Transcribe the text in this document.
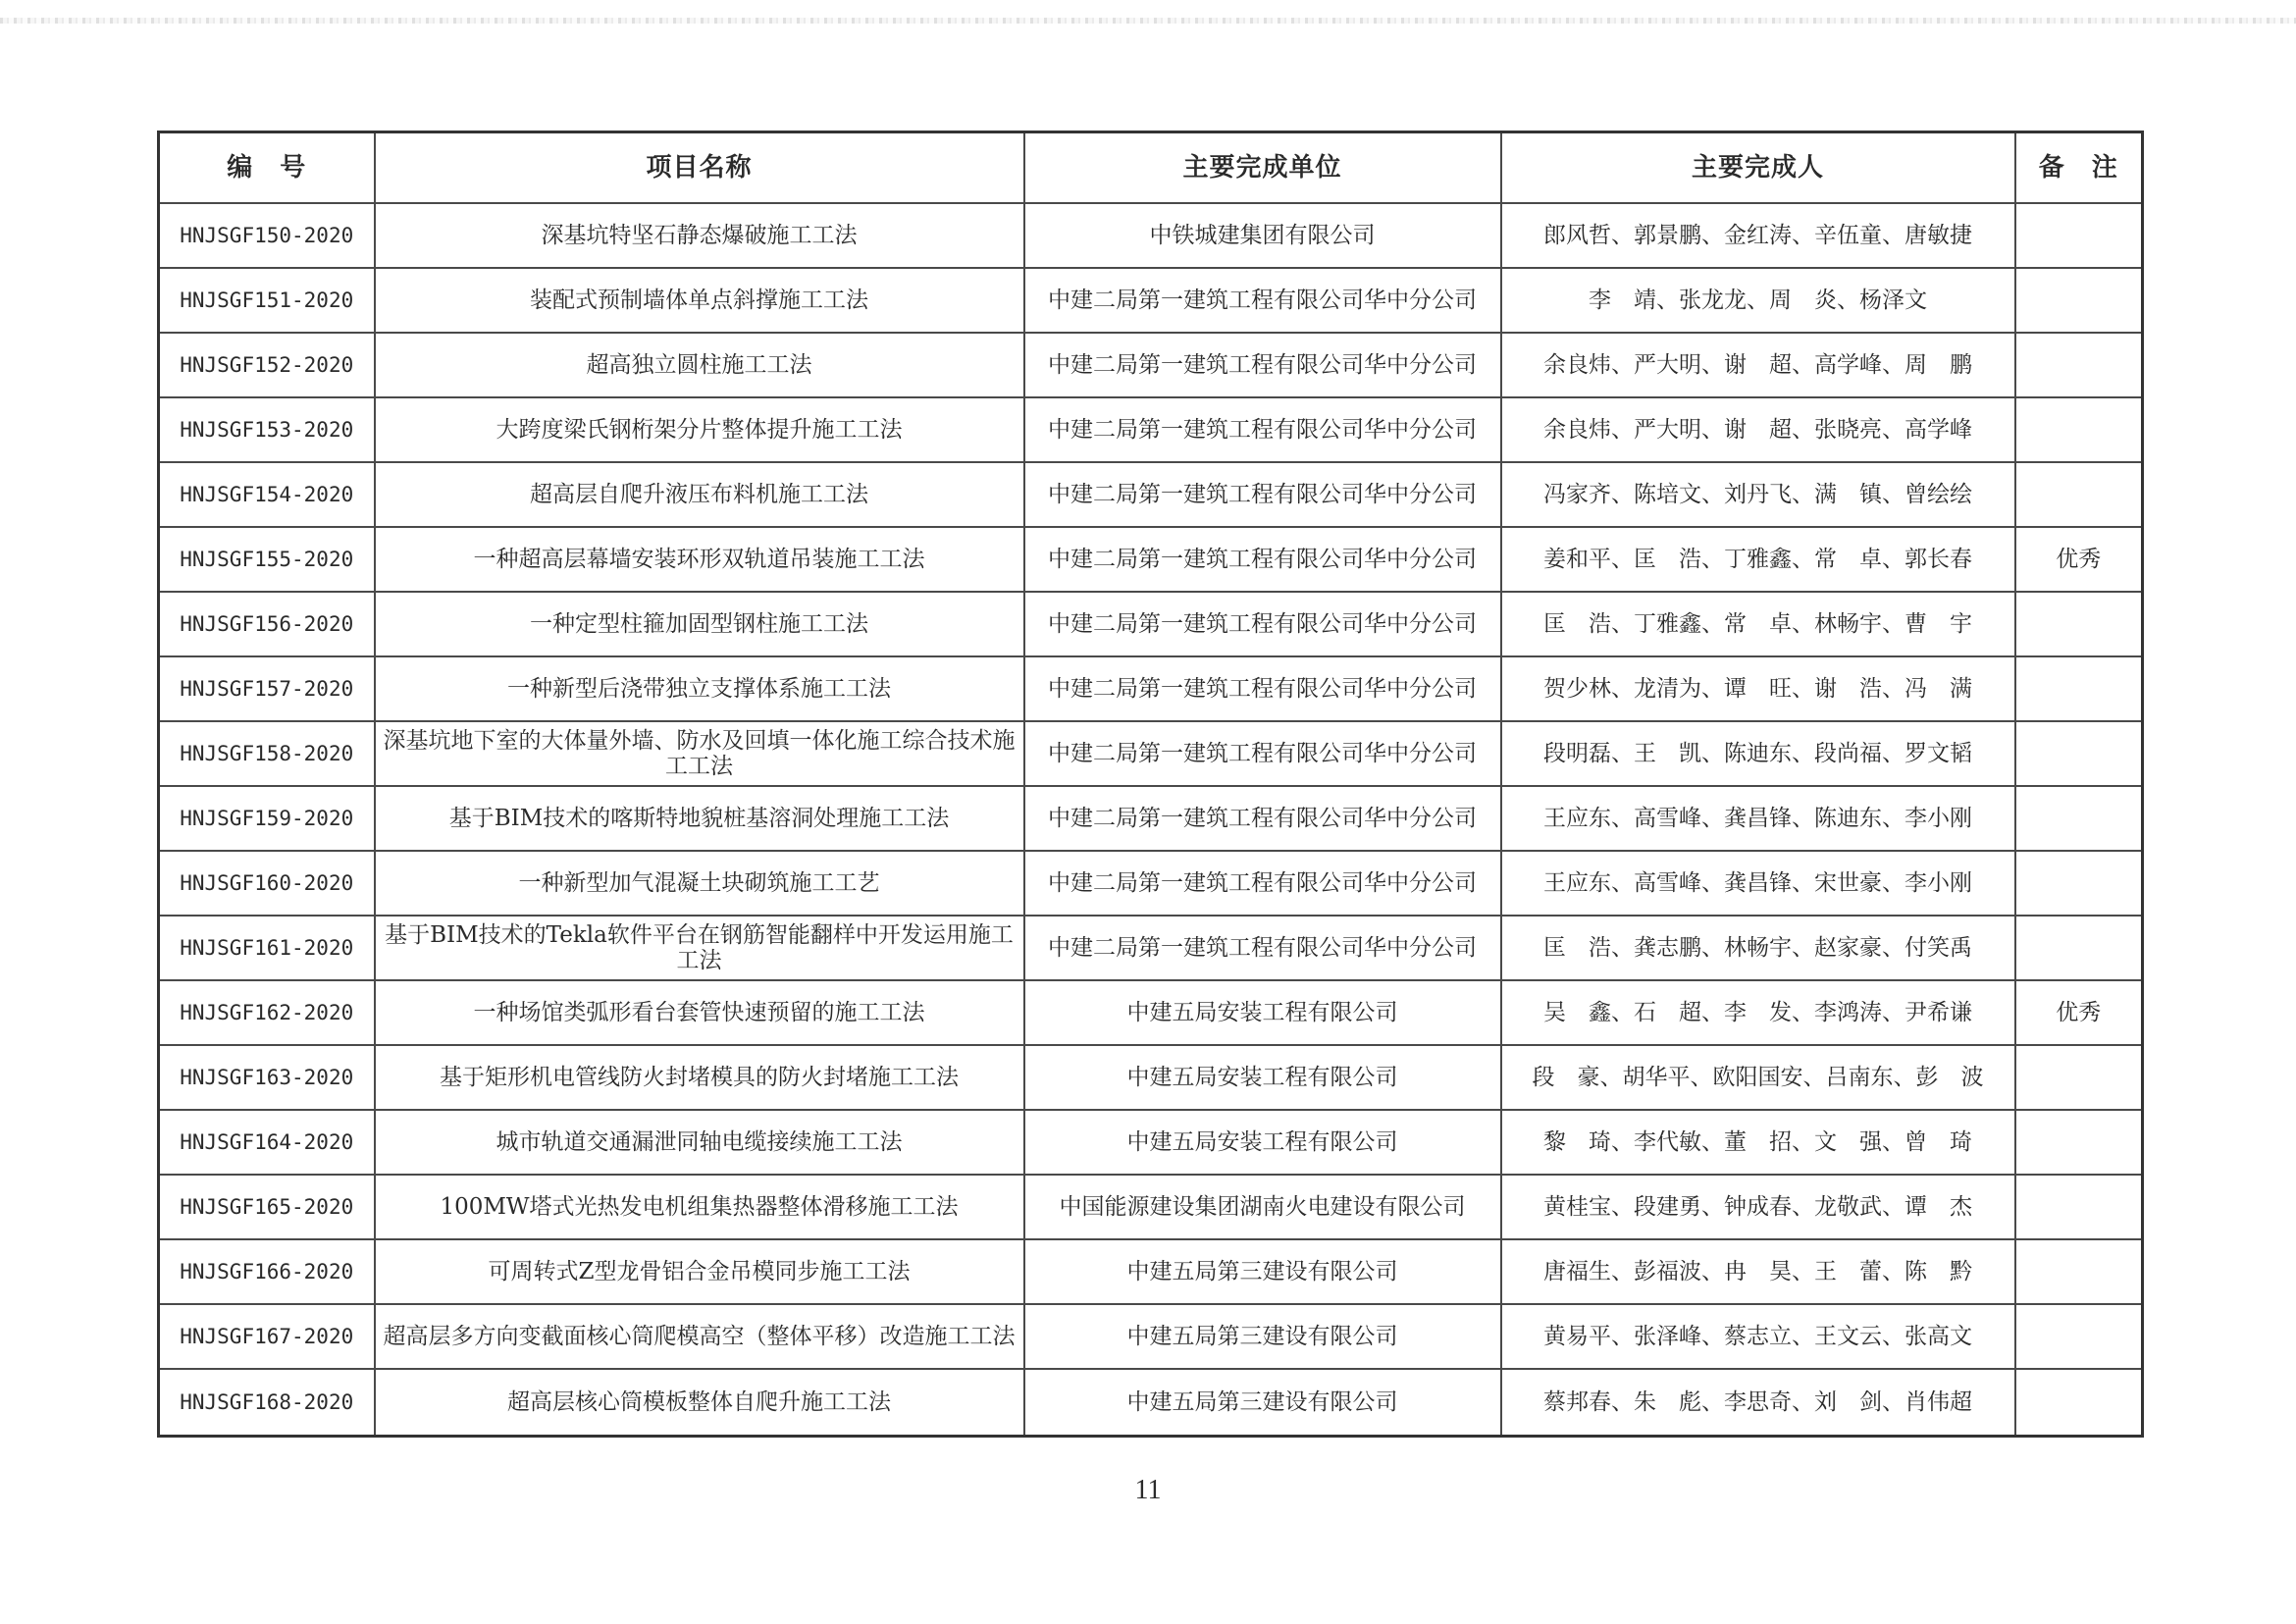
编　号	项目名称	主要完成单位	主要完成人	备　注
HNJSGF150-2020	深基坑特坚石静态爆破施工工法	中铁城建集团有限公司	郎风哲、郭景鹏、金红涛、辛伍童、唐敏捷	
HNJSGF151-2020	装配式预制墙体单点斜撑施工工法	中建二局第一建筑工程有限公司华中分公司	李　靖、张龙龙、周　炎、杨泽文	
HNJSGF152-2020	超高独立圆柱施工工法	中建二局第一建筑工程有限公司华中分公司	余良炜、严大明、谢　超、高学峰、周　鹏	
HNJSGF153-2020	大跨度梁氏钢桁架分片整体提升施工工法	中建二局第一建筑工程有限公司华中分公司	余良炜、严大明、谢　超、张晓亮、高学峰	
HNJSGF154-2020	超高层自爬升液压布料机施工工法	中建二局第一建筑工程有限公司华中分公司	冯家齐、陈培文、刘丹飞、满　镇、曾绘绘	
HNJSGF155-2020	一种超高层幕墙安装环形双轨道吊装施工工法	中建二局第一建筑工程有限公司华中分公司	姜和平、匡　浩、丁雅鑫、常　卓、郭长春	优秀
HNJSGF156-2020	一种定型柱箍加固型钢柱施工工法	中建二局第一建筑工程有限公司华中分公司	匡　浩、丁雅鑫、常　卓、林畅宇、曹　宇	
HNJSGF157-2020	一种新型后浇带独立支撑体系施工工法	中建二局第一建筑工程有限公司华中分公司	贺少林、龙清为、谭　旺、谢　浩、冯　满	
HNJSGF158-2020	深基坑地下室的大体量外墙、防水及回填一体化施工综合技术施工工法	中建二局第一建筑工程有限公司华中分公司	段明磊、王　凯、陈迪东、段尚福、罗文韬	
HNJSGF159-2020	基于BIM技术的喀斯特地貌桩基溶洞处理施工工法	中建二局第一建筑工程有限公司华中分公司	王应东、高雪峰、龚昌锋、陈迪东、李小刚	
HNJSGF160-2020	一种新型加气混凝土块砌筑施工工艺	中建二局第一建筑工程有限公司华中分公司	王应东、高雪峰、龚昌锋、宋世豪、李小刚	
HNJSGF161-2020	基于BIM技术的Tekla软件平台在钢筋智能翻样中开发运用施工工法	中建二局第一建筑工程有限公司华中分公司	匡　浩、龚志鹏、林畅宇、赵家豪、付笑禹	
HNJSGF162-2020	一种场馆类弧形看台套管快速预留的施工工法	中建五局安装工程有限公司	吴　鑫、石　超、李　发、李鸿涛、尹希谦	优秀
HNJSGF163-2020	基于矩形机电管线防火封堵模具的防火封堵施工工法	中建五局安装工程有限公司	段　豪、胡华平、欧阳国安、吕南东、彭　波	
HNJSGF164-2020	城市轨道交通漏泄同轴电缆接续施工工法	中建五局安装工程有限公司	黎　琦、李代敏、董　招、文　强、曾　琦	
HNJSGF165-2020	100MW塔式光热发电机组集热器整体滑移施工工法	中国能源建设集团湖南火电建设有限公司	黄桂宝、段建勇、钟成春、龙敬武、谭　杰	
HNJSGF166-2020	可周转式Z型龙骨铝合金吊模同步施工工法	中建五局第三建设有限公司	唐福生、彭福波、冉　昊、王　蕾、陈　黔	
HNJSGF167-2020	超高层多方向变截面核心筒爬模高空（整体平移）改造施工工法	中建五局第三建设有限公司	黄易平、张泽峰、蔡志立、王文云、张高文	
HNJSGF168-2020	超高层核心筒模板整体自爬升施工工法	中建五局第三建设有限公司	蔡邦春、朱　彪、李思奇、刘　剑、肖伟超	
11
